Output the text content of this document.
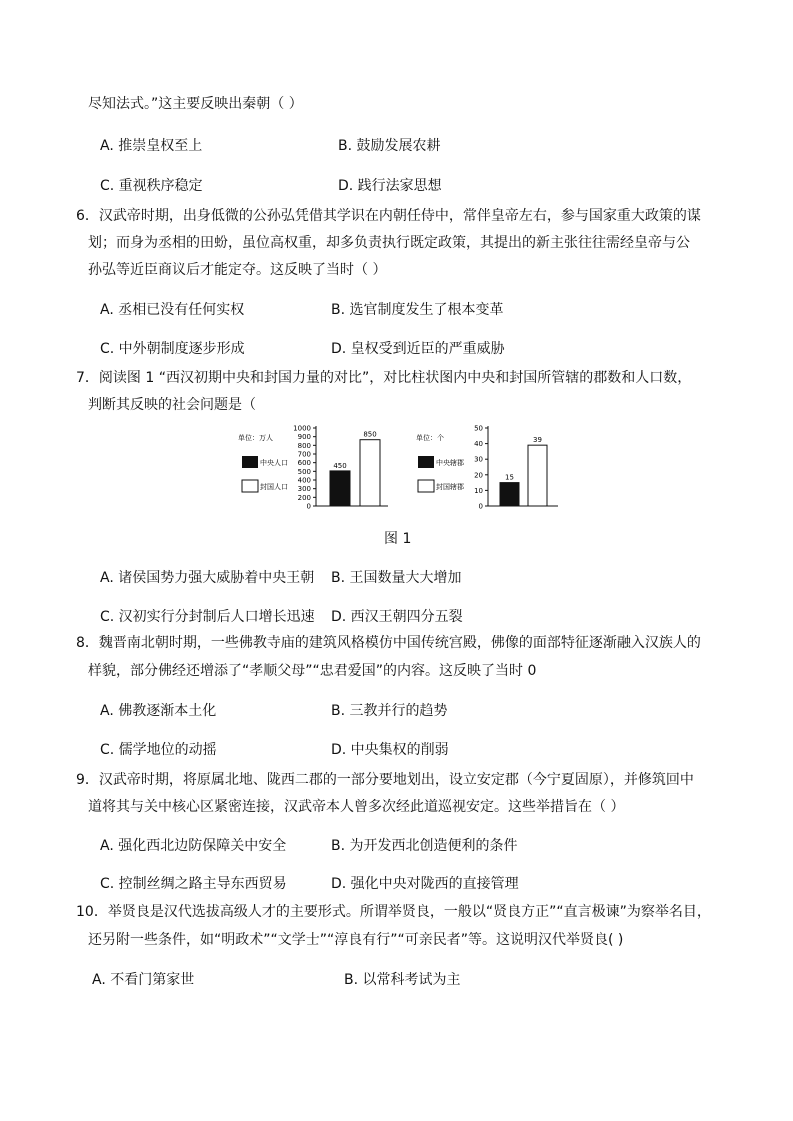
尽知法式。”这主要反映出秦朝（ ）
A. 推崇皇权至上	B. 鼓励发展农耕
C. 重视秩序稳定	D. 践行法家思想
6．汉武帝时期，出身低微的公孙弘凭借其学识在内朝任侍中，常伴皇帝左右，参与国家重大政策的谋
划；而身为丞相的田蚡，虽位高权重，却多负责执行既定政策，其提出的新主张往往需经皇帝与公
孙弘等近臣商议后才能定夺。这反映了当时（ ）
A. 丞相已没有任何实权	B. 选官制度发生了根本变革
C. 中外朝制度逐步形成	D. 皇权受到近臣的严重威胁
7．阅读图 1 “西汉初期中央和封国力量的对比”，对比柱状图内中央和封国所管辖的郡数和人口数，
判断其反映的社会问题是（
单位：万人
中央人口
封国人口
0
200
300
400
500
600
700
800
900
1000
450
850	单位：个
中央辖郡
封国辖郡
0
10
20
30
40
50
15
39
图 1
A. 诸侯国势力强大威胁着中央王朝 B. 王国数量大大增加
C. 汉初实行分封制后人口增长迅速 D. 西汉王朝四分五裂
8．魏晋南北朝时期，一些佛教寺庙的建筑风格模仿中国传统宫殿，佛像的面部特征逐渐融入汉族人的
样貌，部分佛经还增添了“孝顺父母”“忠君爱国”的内容。这反映了当时 0
A. 佛教逐渐本土化	B. 三教并行的趋势
C. 儒学地位的动摇	D. 中央集权的削弱
9．汉武帝时期，将原属北地、陇西二郡的一部分要地划出，设立安定郡（今宁夏固原），并修筑回中
道将其与关中核心区紧密连接，汉武帝本人曾多次经此道巡视安定。这些举措旨在（ ）
A. 强化西北边防保障关中安全	B. 为开发西北创造便利的条件
C. 控制丝绸之路主导东西贸易	D. 强化中央对陇西的直接管理
10．举贤良是汉代选拔高级人才的主要形式。所谓举贤良，一般以“贤良方正”“直言极谏”为察举名目，
还另附一些条件，如“明政术”“文学士”“淳良有行”“可亲民者”等。这说明汉代举贤良( )
A. 不看门第家世	B. 以常科考试为主
